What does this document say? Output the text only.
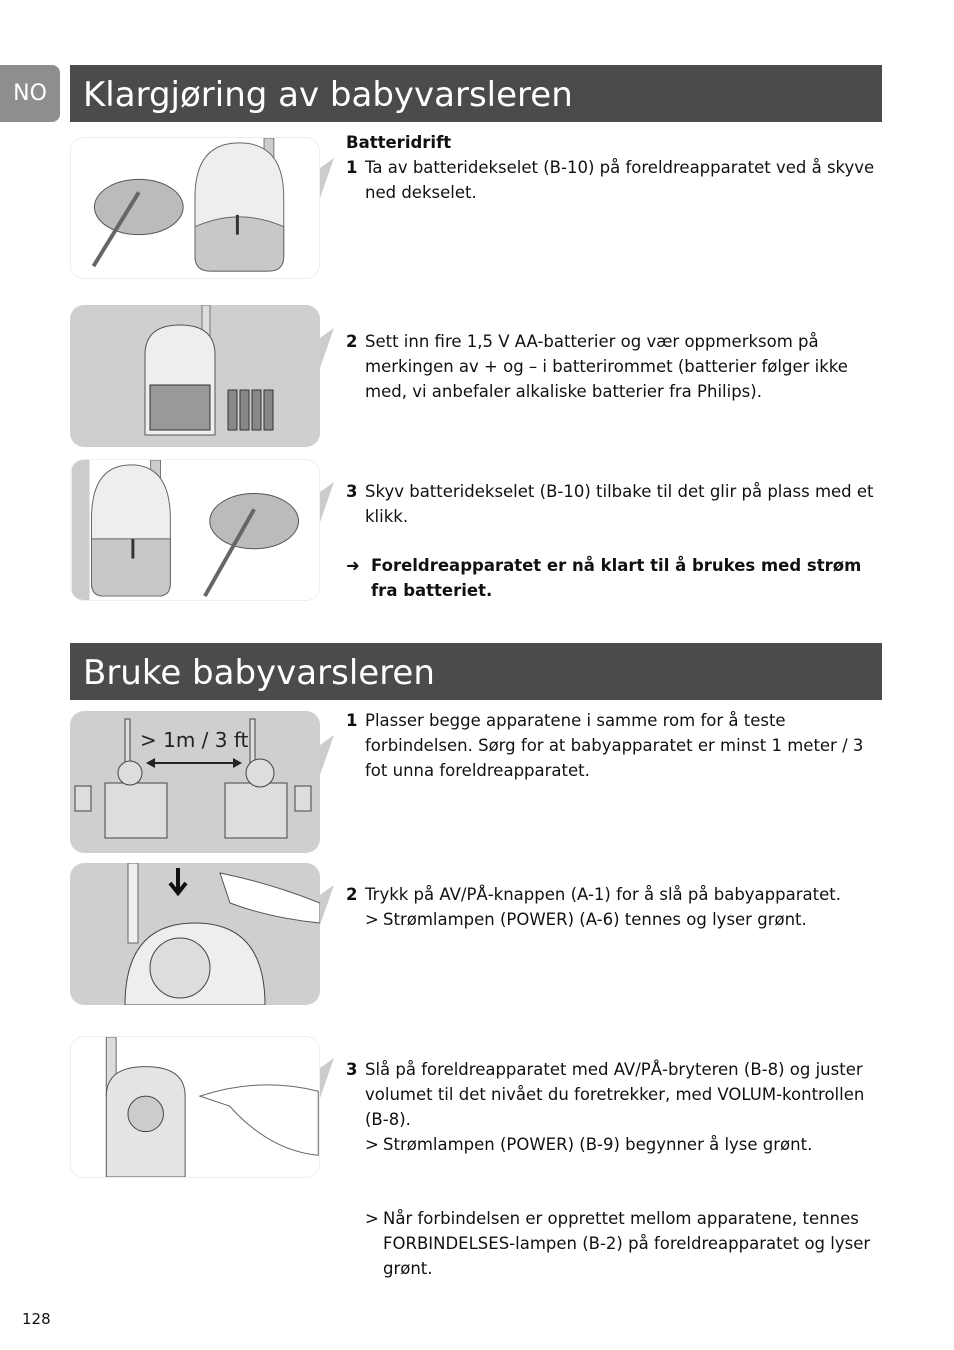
NO	Klargjøring av babyvarsleren
Bruke babyvarsleren
> 1m / 3 ft
Batteridrift
1 Ta av batteridekselet (B-10) på foreldreapparatet ved å skyve ned dekselet.
2 Sett inn fire 1,5 V AA-batterier og vær oppmerksom på merkingen av + og – i batterirommet (batterier følger ikke med, vi anbefaler alkaliske batterier fra Philips).
3 Skyv batteridekselet (B-10) tilbake til det glir på plass med et klikk.
➜ Foreldreapparatet er nå klart til å brukes med strøm fra batteriet.
1 Plasser begge apparatene i samme rom for å teste forbindelsen. Sørg for at babyapparatet er minst 1 meter / 3 fot unna foreldreapparatet.
2 Trykk på AV/PÅ-knappen (A-1) for å slå på babyapparatet.
> Strømlampen (POWER) (A-6) tennes og lyser grønt.
3 Slå på foreldreapparatet med AV/PÅ-bryteren (B-8) og juster volumet til det nivået du foretrekker, med VOLUM-kontrollen (B-8).
> Strømlampen (POWER) (B-9) begynner å lyse grønt.
> Når forbindelsen er opprettet mellom apparatene, tennes FORBINDELSES-lampen (B-2) på foreldreapparatet og lyser grønt.
128
